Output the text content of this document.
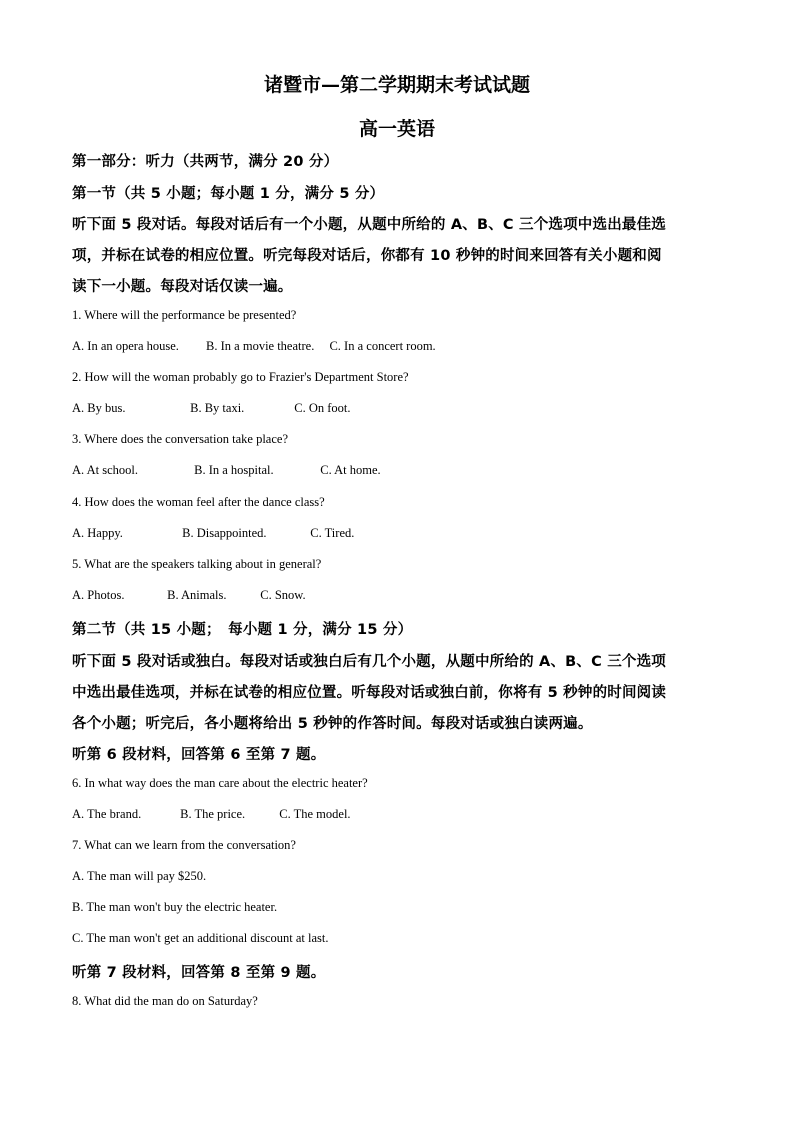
诸暨市—第二学期期末考试试题
高一英语
第一部分：听力（共两节，满分 20 分）
第一节（共 5 小题；每小题 1 分，满分 5 分）
听下面 5 段对话。每段对话后有一个小题，从题中所给的 A、B、C 三个选项中选出最佳选
项，并标在试卷的相应位置。听完每段对话后，你都有 10 秒钟的时间来回答有关小题和阅
读下一小题。每段对话仅读一遍。
1. Where will the performance be presented?
A. In an opera house. B. In a movie theatre. C. In a concert room.
2. How will the woman probably go to Frazier's Department Store?
A. By bus.	B. By taxi.	C. On foot.
3. Where does the conversation take place?
A. At school.	B. In a hospital.	C. At home.
4. How does the woman feel after the dance class?
A. Happy.	B. Disappointed.	C. Tired.
5. What are the speakers talking about in general?
A. Photos.	B. Animals.	C. Snow.
第二节（共 15 小题；　每小题 1 分，满分 15 分）
听下面 5 段对话或独白。每段对话或独白后有几个小题，从题中所给的 A、B、C 三个选项
中选出最佳选项，并标在试卷的相应位置。听每段对话或独白前，你将有 5 秒钟的时间阅读
各个小题；听完后，各小题将给出 5 秒钟的作答时间。每段对话或独白读两遍。
听第 6 段材料，回答第 6 至第 7 题。
6. In what way does the man care about the electric heater?
A. The brand.	B. The price.	C. The model.
7. What can we learn from the conversation?
A. The man will pay $250.
B. The man won't buy the electric heater.
C. The man won't get an additional discount at last.
听第 7 段材料，回答第 8 至第 9 题。
8. What did the man do on Saturday?
